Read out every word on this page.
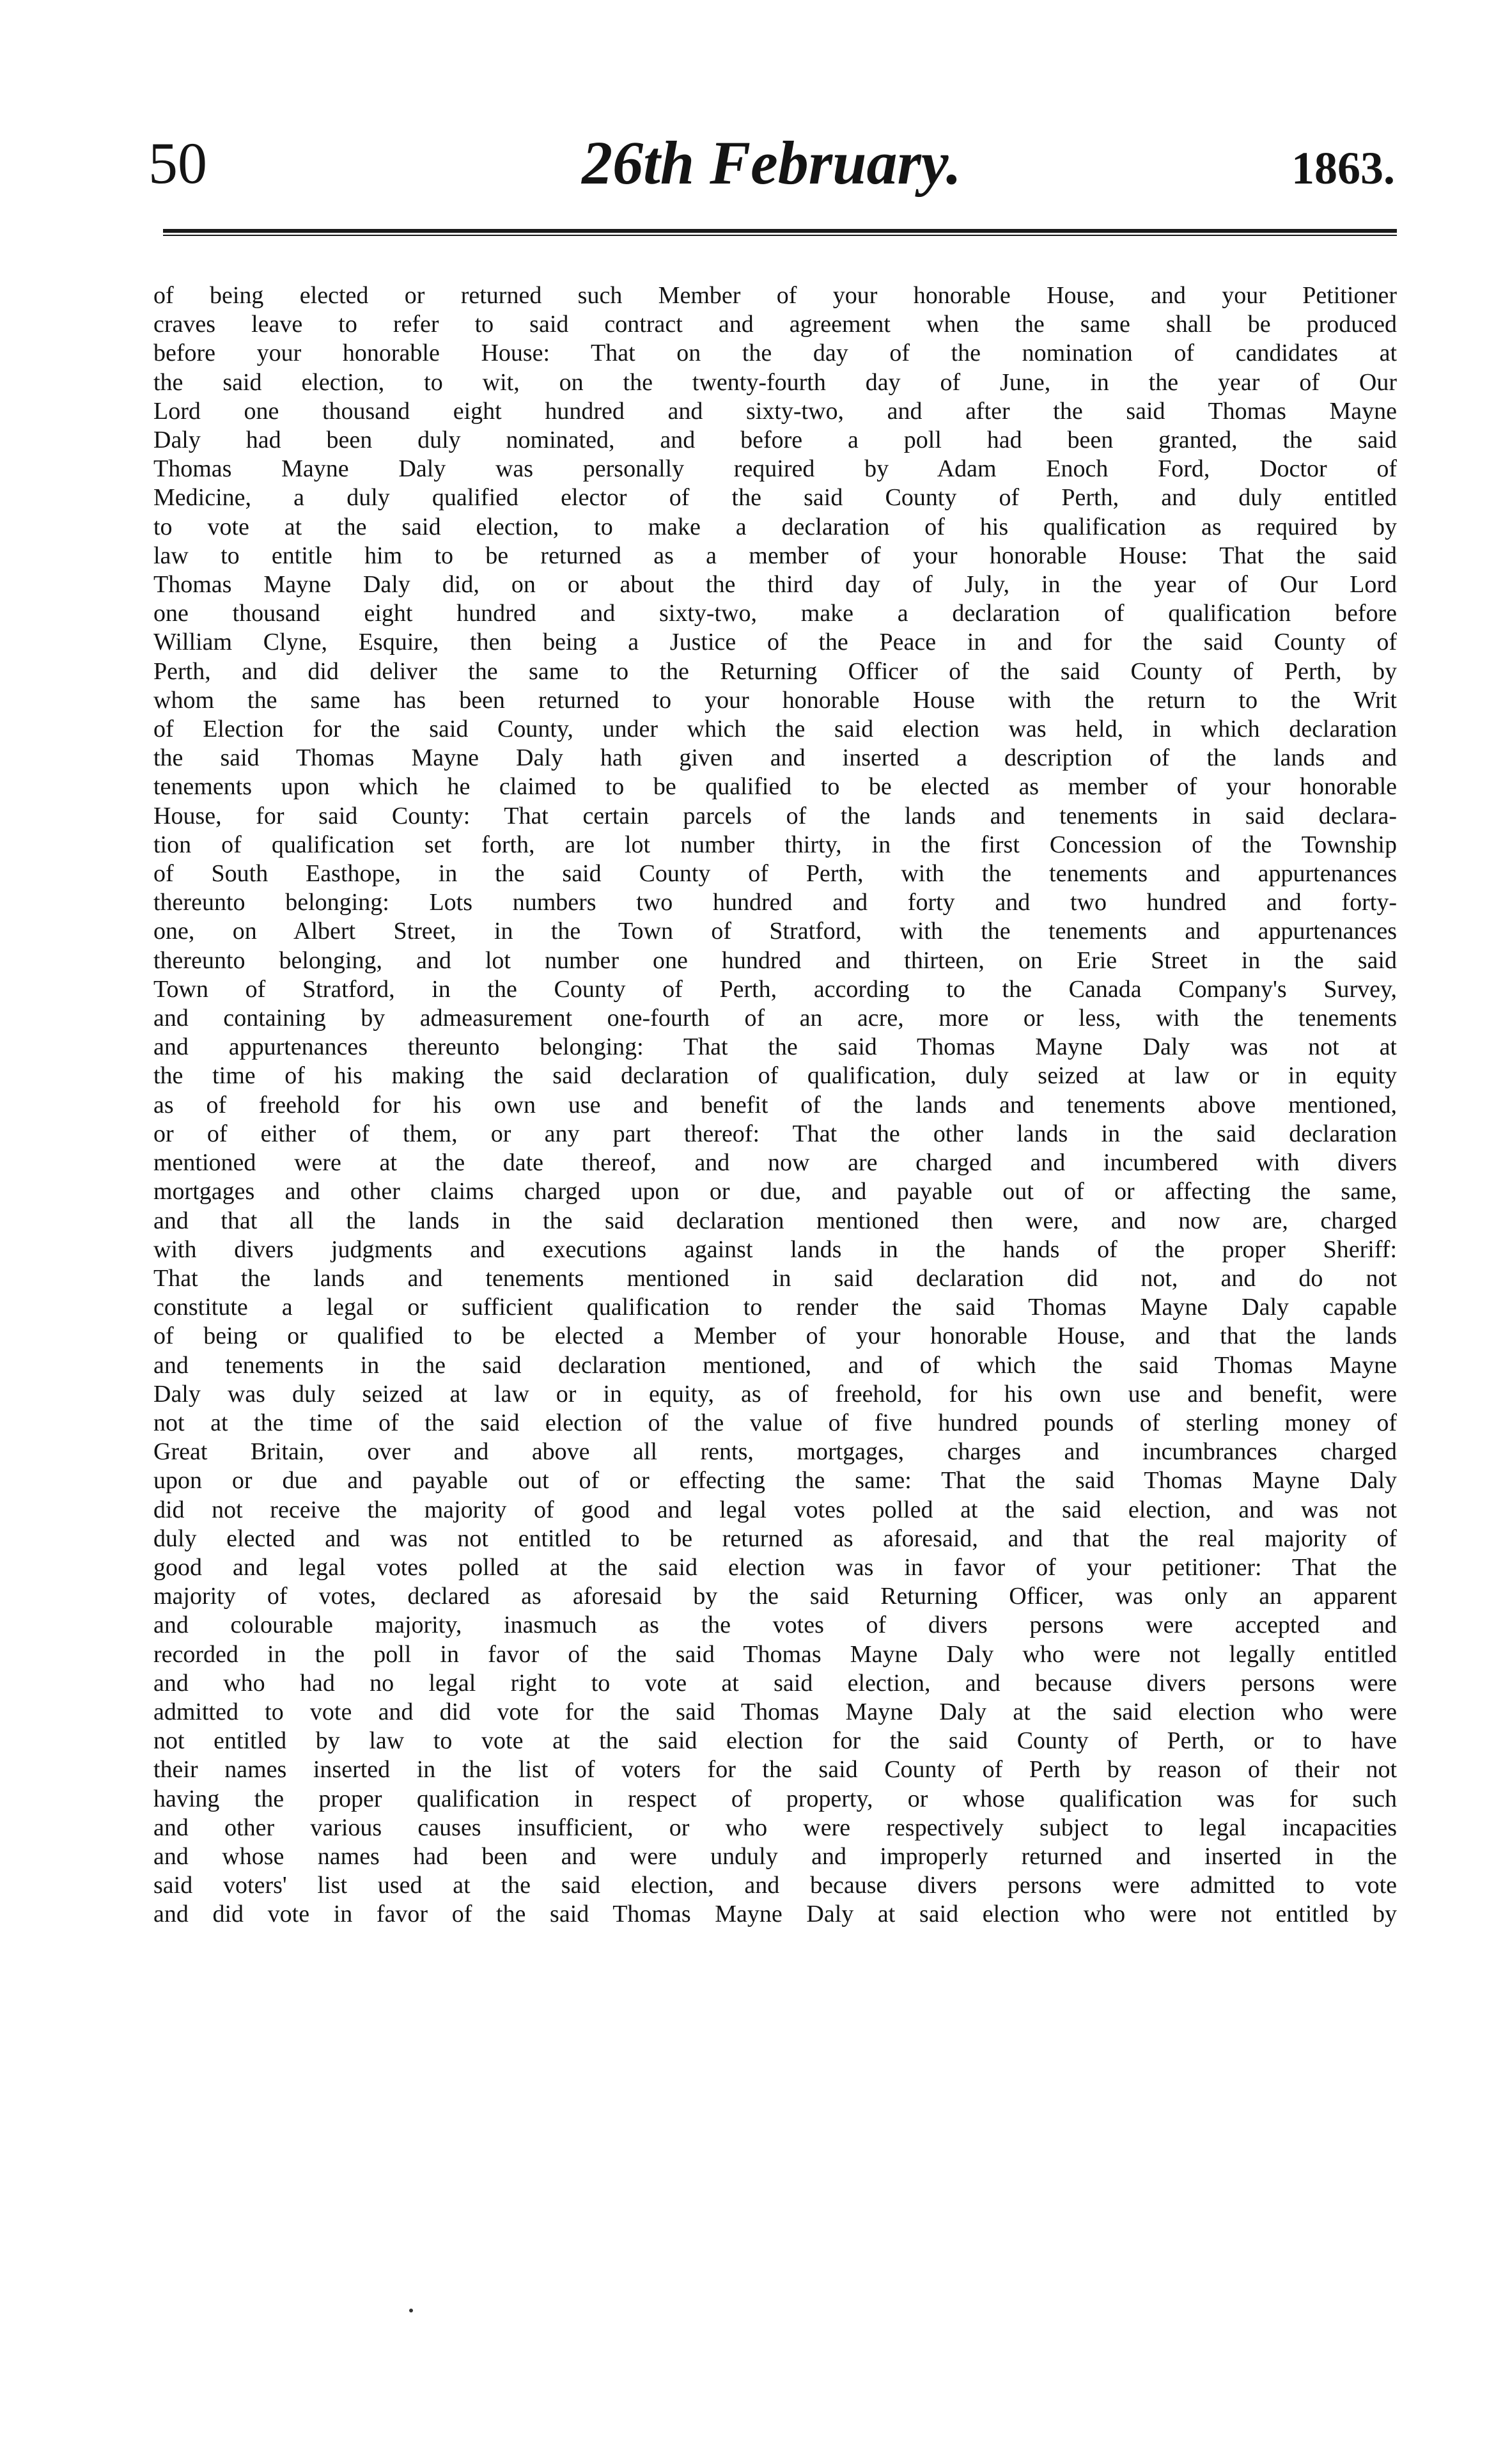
50	26th February.	1863.
of being elected or returned such Member of your honorable House, and your Petitioner
craves leave to refer to said contract and agreement when the same shall be produced
before your honorable House: That on the day of the nomination of candidates at
the said election, to wit, on the twenty-fourth day of June, in the year of Our
Lord one thousand eight hundred and sixty-two, and after the said Thomas Mayne
Daly had been duly nominated, and before a poll had been granted, the said
Thomas Mayne Daly was personally required by Adam Enoch Ford, Doctor of
Medicine, a duly qualified elector of the said County of Perth, and duly entitled
to vote at the said election, to make a declaration of his qualification as required by
law to entitle him to be returned as a member of your honorable House: That the said
Thomas Mayne Daly did, on or about the third day of July, in the year of Our Lord
one thousand eight hundred and sixty-two, make a declaration of qualification before
William Clyne, Esquire, then being a Justice of the Peace in and for the said County of
Perth, and did deliver the same to the Returning Officer of the said County of Perth, by
whom the same has been returned to your honorable House with the return to the Writ
of Election for the said County, under which the said election was held, in which declaration
the said Thomas Mayne Daly hath given and inserted a description of the lands and
tenements upon which he claimed to be qualified to be elected as member of your honorable
House, for said County: That certain parcels of the lands and tenements in said declara-
tion of qualification set forth, are lot number thirty, in the first Concession of the Township
of South Easthope, in the said County of Perth, with the tenements and appurtenances
thereunto belonging: Lots numbers two hundred and forty and two hundred and forty-
one, on Albert Street, in the Town of Stratford, with the tenements and appurtenances
thereunto belonging, and lot number one hundred and thirteen, on Erie Street in the said
Town of Stratford, in the County of Perth, according to the Canada Company's Survey,
and containing by admeasurement one-fourth of an acre, more or less, with the tenements
and appurtenances thereunto belonging: That the said Thomas Mayne Daly was not at
the time of his making the said declaration of qualification, duly seized at law or in equity
as of freehold for his own use and benefit of the lands and tenements above mentioned,
or of either of them, or any part thereof: That the other lands in the said declaration
mentioned were at the date thereof, and now are charged and incumbered with divers
mortgages and other claims charged upon or due, and payable out of or affecting the same,
and that all the lands in the said declaration mentioned then were, and now are, charged
with divers judgments and executions against lands in the hands of the proper Sheriff:
That the lands and tenements mentioned in said declaration did not, and do not
constitute a legal or sufficient qualification to render the said Thomas Mayne Daly capable
of being or qualified to be elected a Member of your honorable House, and that the lands
and tenements in the said declaration mentioned, and of which the said Thomas Mayne
Daly was duly seized at law or in equity, as of freehold, for his own use and benefit, were
not at the time of the said election of the value of five hundred pounds of sterling money of
Great Britain, over and above all rents, mortgages, charges and incumbrances charged
upon or due and payable out of or effecting the same: That the said Thomas Mayne Daly
did not receive the majority of good and legal votes polled at the said election, and was not
duly elected and was not entitled to be returned as aforesaid, and that the real majority of
good and legal votes polled at the said election was in favor of your petitioner: That the
majority of votes, declared as aforesaid by the said Returning Officer, was only an apparent
and colourable majority, inasmuch as the votes of divers persons were accepted and
recorded in the poll in favor of the said Thomas Mayne Daly who were not legally entitled
and who had no legal right to vote at said election, and because divers persons were
admitted to vote and did vote for the said Thomas Mayne Daly at the said election who were
not entitled by law to vote at the said election for the said County of Perth, or to have
their names inserted in the list of voters for the said County of Perth by reason of their not
having the proper qualification in respect of property, or whose qualification was for such
and other various causes insufficient, or who were respectively subject to legal incapacities
and whose names had been and were unduly and improperly returned and inserted in the
said voters' list used at the said election, and because divers persons were admitted to vote
and did vote in favor of the said Thomas Mayne Daly at said election who were not entitled by
